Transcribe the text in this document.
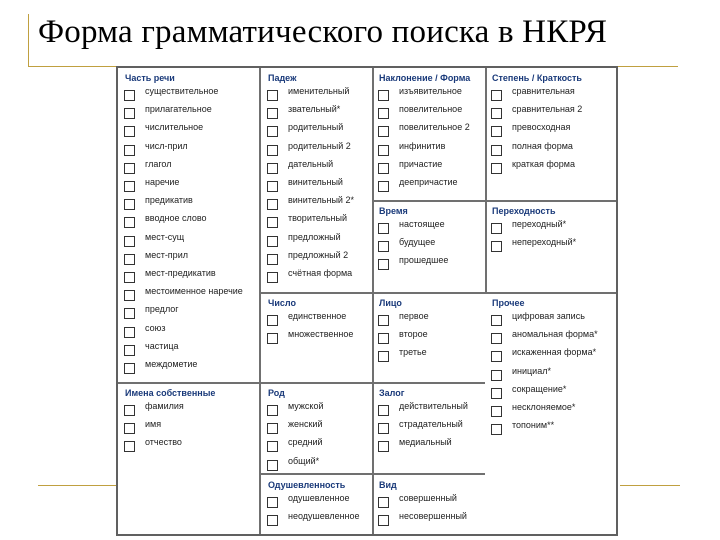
Форма грамматического поиска в НКРЯ
Часть речи
существительное
прилагательное
числительное
числ-прил
глагол
наречие
предикатив
вводное слово
мест-сущ
мест-прил
мест-предикатив
местоименное наречие
предлог
союз
частица
междометие
Имена собственные
фамилия
имя
отчество
Падеж
именительный
звательный*
родительный
родительный 2
дательный
винительный
винительный 2*
творительный
предложный
предложный 2
счётная форма
Число
единственное
множественное
Род
мужской
женский
средний
общий*
Одушевленность
одушевленное
неодушевленное
Наклонение / Форма
изъявительное
повелительное
повелительное 2
инфинитив
причастие
деепричастие
Время
настоящее
будущее
прошедшее
Лицо
первое
второе
третье
Залог
действительный
страдательный
медиальный
Вид
совершенный
несовершенный
Степень / Краткость
сравнительная
сравнительная 2
превосходная
полная форма
краткая форма
Переходность
переходный*
непереходный*
Прочее
цифровая запись
аномальная форма*
искаженная форма*
инициал*
сокращение*
несклоняемое*
топоним**
